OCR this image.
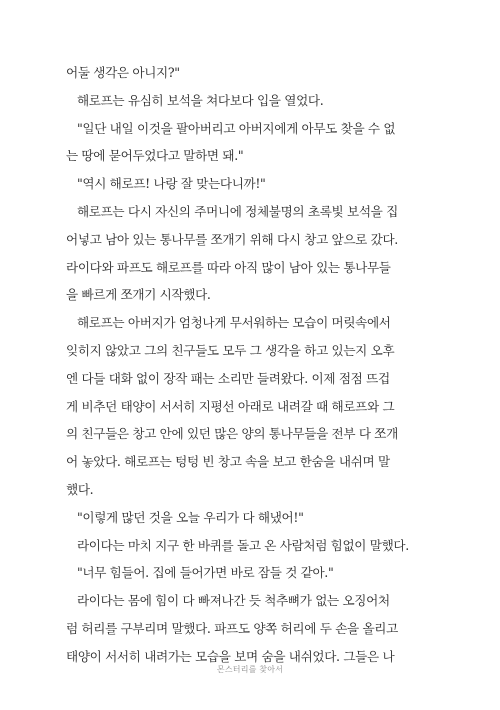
어둘 생각은 아니지?"
해로프는 유심히 보석을 쳐다보다 입을 열었다.
"일단 내일 이것을 팔아버리고 아버지에게 아무도 찾을 수 없
는 땅에 묻어두었다고 말하면 돼."
"역시 해로프! 나랑 잘 맞는다니까!"
해로프는 다시 자신의 주머니에 정체불명의 초록빛 보석을 집
어넣고 남아 있는 통나무를 쪼개기 위해 다시 창고 앞으로 갔다.
라이다와 파프도 해로프를 따라 아직 많이 남아 있는 통나무들
을 빠르게 쪼개기 시작했다.
해로프는 아버지가 엄청나게 무서워하는 모습이 머릿속에서
잊히지 않았고 그의 친구들도 모두 그 생각을 하고 있는지 오후
엔 다들 대화 없이 장작 패는 소리만 들려왔다. 이제 점점 뜨겁
게 비추던 태양이 서서히 지평선 아래로 내려갈 때 해로프와 그
의 친구들은 창고 안에 있던 많은 양의 통나무들을 전부 다 쪼개
어 놓았다. 해로프는 텅텅 빈 창고 속을 보고 한숨을 내쉬며 말
했다.
"이렇게 많던 것을 오늘 우리가 다 해냈어!"
라이다는 마치 지구 한 바퀴를 돌고 온 사람처럼 힘없이 말했다.
"너무 힘들어. 집에 들어가면 바로 잠들 것 같아."
라이다는 몸에 힘이 다 빠져나간 듯 척추뼈가 없는 오징어처
럼 허리를 구부리며 말했다. 파프도 양쪽 허리에 두 손을 올리고
태양이 서서히 내려가는 모습을 보며 숨을 내쉬었다. 그들은 나
몬스터리를 찾아서
